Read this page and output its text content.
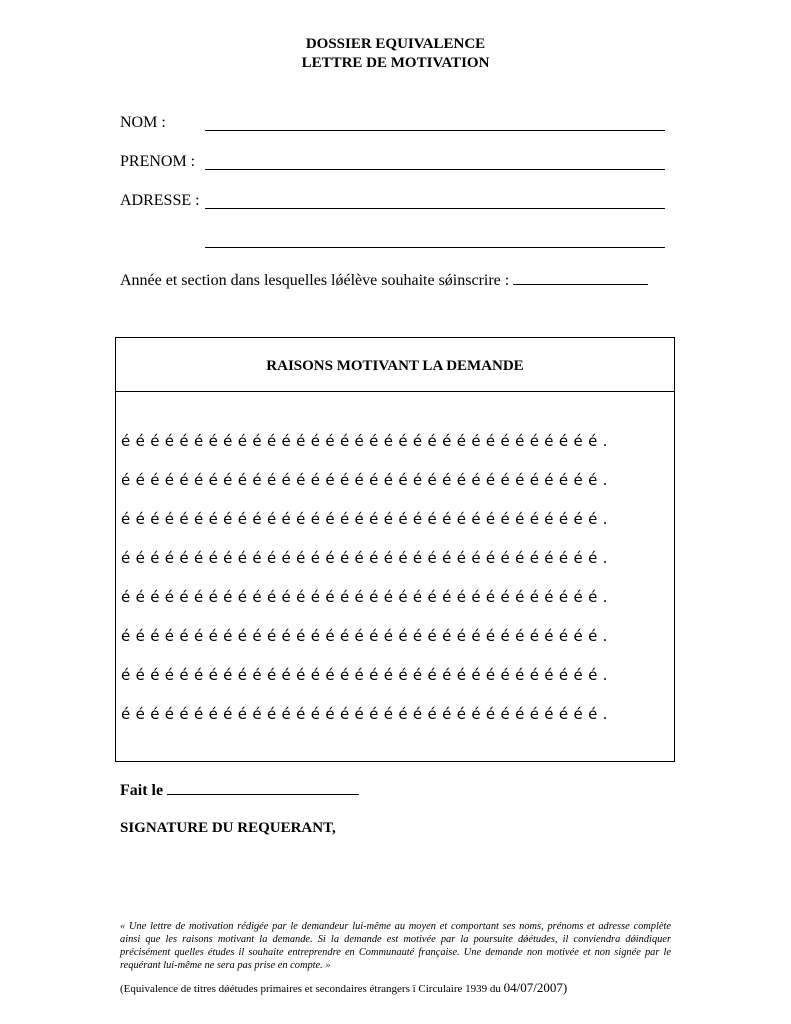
DOSSIER EQUIVALENCE
LETTRE DE MOTIVATION
NOM :
PRENOM :
ADRESSE :
Année et section dans lesquelles lǿélève souhaite sǿinscrire :
RAISONS MOTIVANT LA DEMANDE
é é é é é é é é é é é é é é é é é é é é é é é é é é é é é é é é é .
é é é é é é é é é é é é é é é é é é é é é é é é é é é é é é é é é .
é é é é é é é é é é é é é é é é é é é é é é é é é é é é é é é é é .
é é é é é é é é é é é é é é é é é é é é é é é é é é é é é é é é é .
é é é é é é é é é é é é é é é é é é é é é é é é é é é é é é é é é .
é é é é é é é é é é é é é é é é é é é é é é é é é é é é é é é é é .
é é é é é é é é é é é é é é é é é é é é é é é é é é é é é é é é é .
é é é é é é é é é é é é é é é é é é é é é é é é é é é é é é é é é .
Fait le
SIGNATURE DU REQUERANT,
« Une lettre de motivation rédigée par le demandeur lui-même au moyen et comportant ses noms, prénoms et adresse complète ainsi que les raisons motivant la demande. Si la demande est motivée par la poursuite dǿétudes, il conviendra dǿindiquer précisément quelles études il souhaite entreprendre en Communauté française. Une demande non motivée et non signée par le requérant lui-même ne sera pas prise en compte. »
(Equivalence de titres dǿétudes primaires et secondaires étrangers ï Circulaire 1939 du 04/07/2007)
